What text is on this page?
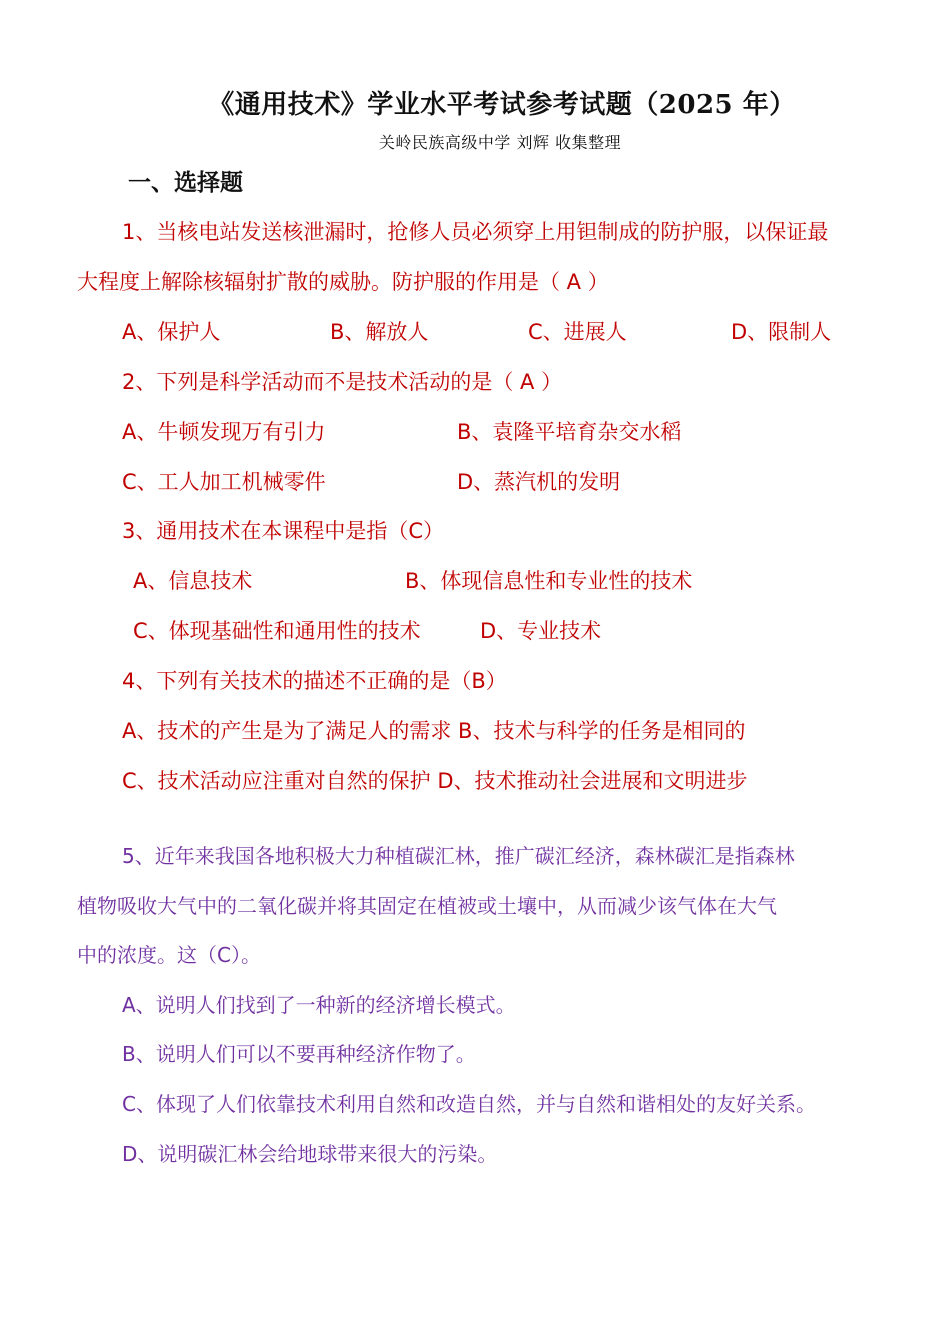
《通用技术》学业水平考试参考试题（2025 年）
关岭民族高级中学 刘辉 收集整理
一、选择题
1、当核电站发送核泄漏时，抢修人员必须穿上用钽制成的防护服，以保证最
大程度上解除核辐射扩散的威胁。防护服的作用是（ A ）
A、保护人	B、解放人	C、进展人	D、限制人
2、下列是科学活动而不是技术活动的是（ A ）
A、牛顿发现万有引力	B、袁隆平培育杂交水稻
C、工人加工机械零件	D、蒸汽机的发明
3、通用技术在本课程中是指（C）
A、信息技术	B、体现信息性和专业性的技术
C、体现基础性和通用性的技术	D、专业技术
4、下列有关技术的描述不正确的是（B）
A、技术的产生是为了满足人的需求 B、技术与科学的任务是相同的
C、技术活动应注重对自然的保护 D、技术推动社会进展和文明进步
5、近年来我国各地积极大力种植碳汇林，推广碳汇经济，森林碳汇是指森林
植物吸收大气中的二氧化碳并将其固定在植被或土壤中，从而减少该气体在大气
中的浓度。这（C）。
A、说明人们找到了一种新的经济增长模式。
B、说明人们可以不要再种经济作物了。
C、体现了人们依靠技术利用自然和改造自然，并与自然和谐相处的友好关系。
D、说明碳汇林会给地球带来很大的污染。
